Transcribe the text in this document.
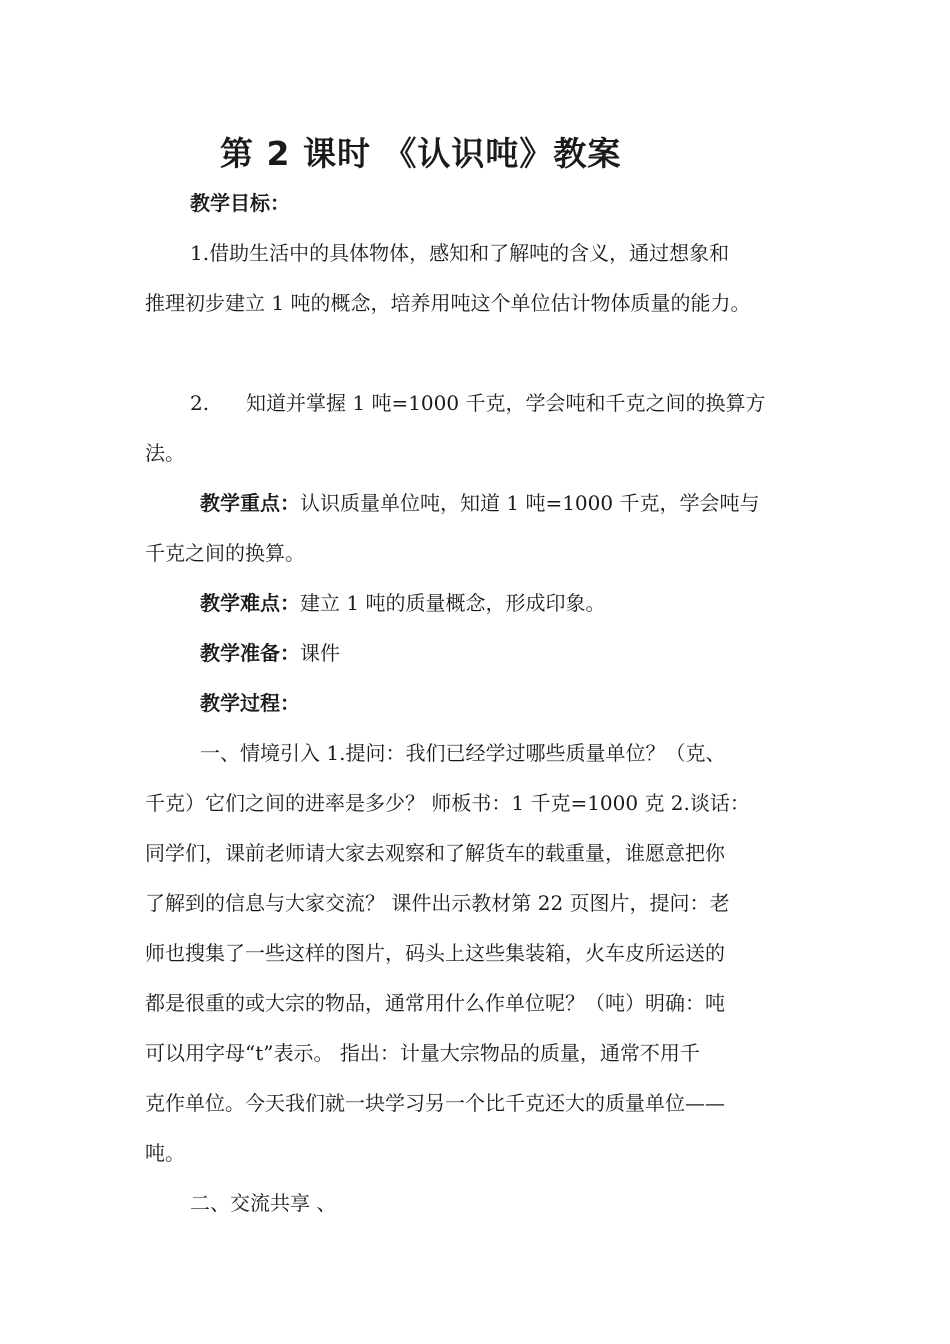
第 2 课时 《认识吨》教案
教学目标：
1.借助生活中的具体物体，感知和了解吨的含义，通过想象和
推理初步建立 1 吨的概念，培养用吨这个单位估计物体质量的能力。
2. 知道并掌握 1 吨=1000 千克，学会吨和千克之间的换算方
法。
教学重点：认识质量单位吨，知道 1 吨=1000 千克，学会吨与
千克之间的换算。
教学难点：建立 1 吨的质量概念，形成印象。
教学准备：课件
教学过程：
一、情境引入 1.提问：我们已经学过哪些质量单位？（克、
千克）它们之间的进率是多少？ 师板书：1 千克=1000 克 2.谈话：
同学们，课前老师请大家去观察和了解货车的载重量，谁愿意把你
了解到的信息与大家交流？ 课件出示教材第 22 页图片，提问：老
师也搜集了一些这样的图片，码头上这些集装箱，火车皮所运送的
都是很重的或大宗的物品，通常用什么作单位呢？（吨）明确：吨
可以用字母“t”表示。 指出：计量大宗物品的质量，通常不用千
克作单位。今天我们就一块学习另一个比千克还大的质量单位——
吨。
二、交流共享 、
